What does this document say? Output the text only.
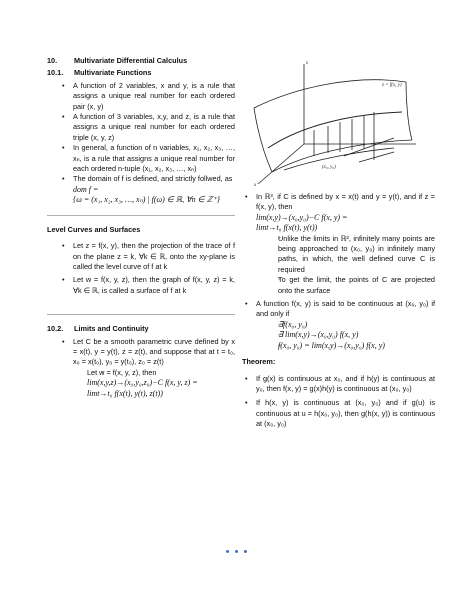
10. Multivariate Differential Calculus
10.1. Multivariate Functions
• A function of 2 variables, x and y, is a rule that assigns a unique real number for each ordered pair (x, y)
• A function of 3 variables, x,y, and z, is a rule that assigns a unique real number for each ordered triple (x, y, z)
• In general, a function of n variables, x₁, x₂, x₃, …, xₙ, is a rule that assigns a unique real number for each ordered n-tuple (x₁, x₂, x₃, …, xₙ)
• The domain of f is defined, and strictly follwed, as
dom f =
{ω = (x₁, x₂, x₃, …, xₙ) | f(ω) ∈ ℝ, ∀n ∈ ℤ⁺}
Level Curves and Surfaces
• Let z = f(x, y), then the projection of the trace of f on the plane z = k, ∀k ∈ ℝ, onto the xy-plane is called the level curve of f at k
• Let w = f(x, y, z), then the graph of f(x, y, z) = k, ∀k ∈ ℝ, is called a surface of f at k
10.2. Limits and Continuity
• Let C be a smooth parametric curve defined by x = x(t), y = y(t), z = z(t), and suppose that at t = t₀, x₀ = x(t₀), y₀ = y(t₀), z₀ = z(t)
◦ Let w = f(x, y, z), then
lim(x,y,z)→(x₀,y₀,z₀)−C f(x, y, z) =
limt→t₀ f(x(t), y(t), z(t))
z
x
z = f(x, y)
(x₀, y₀)
• In ℝ³, if C is defined by x = x(t) and y = y(t), and if z = f(x, y), then
lim(x,y)→(x₀,y₀)−C f(x, y) =
limt→t₀ f(x(t), y(t))
◦ Unlike the limits in ℝ², infinitely many points are being approached to (x₀, y₀) in infinitely many paths, in which, the well defined curve C is required
◦ To get the limit, the points of C are projected onto the surface
• A function f(x, y) is said to be continuous at (x₀, y₀) if and only if
◦ ∃f(x₀, y₀)
◦ ∃ lim(x,y)→(x₀,y₀) f(x, y)
◦ f(x₀, y₀) = lim(x,y)→(x₀,y₀) f(x, y)
Theorem:
• If g(x) is continuous at x₀, and if h(y) is continuous at y₀, then f(x, y) = g(x)h(y) is continuous at (x₀, y₀)
• If h(x, y) is continuous at (x₀, y₀) and if g(u) is continuous at u = h(x₀, y₀), then g(h(x, y)) is continuous at (x₀, y₀)
• • •
